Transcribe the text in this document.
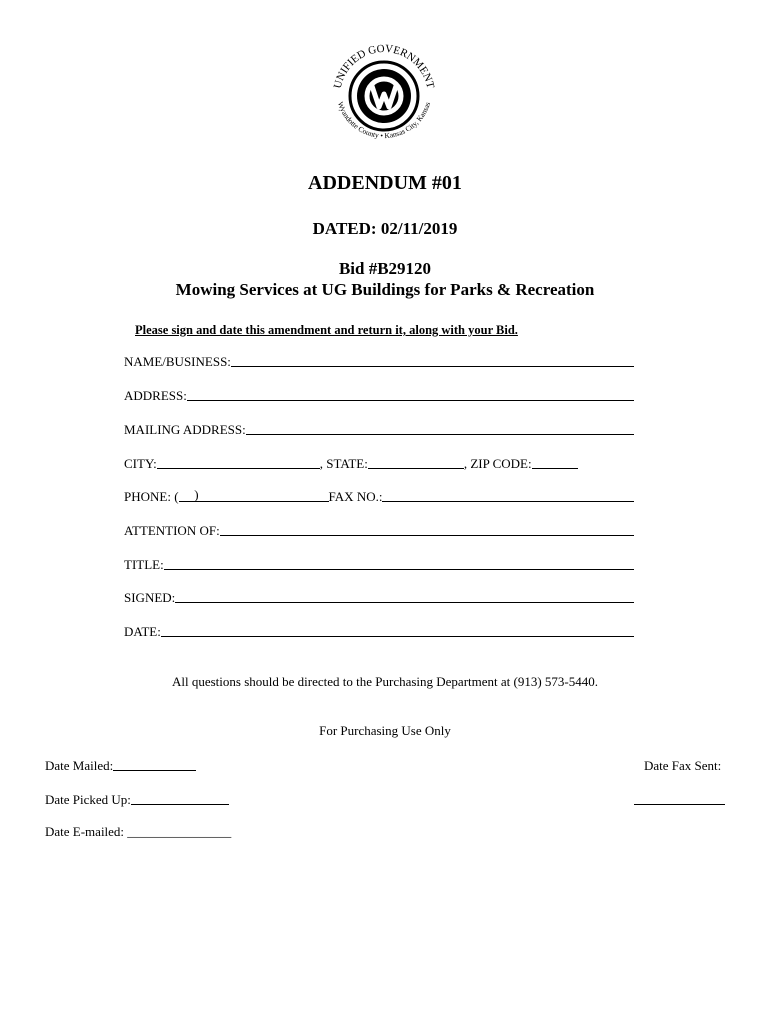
UNIFIED GOVERNMENT
Wyandotte County • Kansas City, Kansas
ADDENDUM #01
DATED: 02/11/2019
Bid #B29120
Mowing Services at UG Buildings for Parks & Recreation
Please sign and date this amendment and return it, along with your Bid.
NAME/BUSINESS:
ADDRESS:
MAILING ADDRESS:
CITY:	, STATE:	, ZIP CODE:
PHONE: ( )	FAX NO.:
ATTENTION OF:
TITLE:
SIGNED:
DATE:
All questions should be directed to the Purchasing Department at (913) 573-5440.
For Purchasing Use Only
Date Mailed:	Date Fax Sent:
Date Picked Up:
Date E-mailed: ________________
